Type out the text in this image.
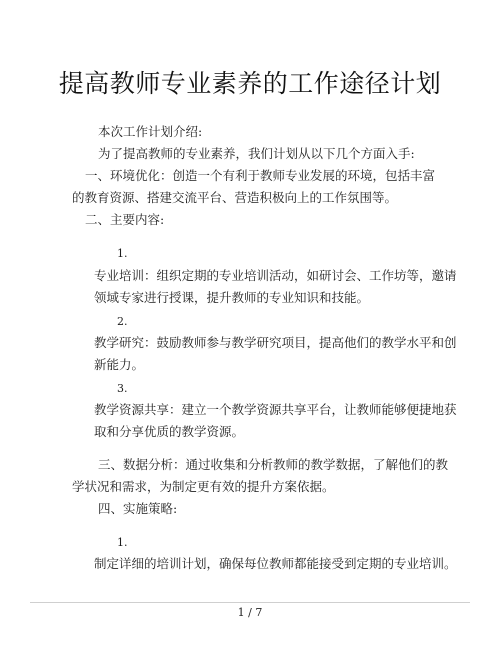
提高教师专业素养的工作途径计划
本次工作计划介绍:
为了提高教师的专业素养，我们计划从以下几个方面入手:
一、环境优化：创造一个有利于教师专业发展的环境，包括丰富
的教育资源、搭建交流平台、营造积极向上的工作氛围等。
二、主要内容:
1.
专业培训：组织定期的专业培训活动，如研讨会、工作坊等，邀请
领域专家进行授课，提升教师的专业知识和技能。
2.
教学研究：鼓励教师参与教学研究项目，提高他们的教学水平和创
新能力。
3.
教学资源共享：建立一个教学资源共享平台，让教师能够便捷地获
取和分享优质的教学资源。
三、数据分析：通过收集和分析教师的教学数据，了解他们的教
学状况和需求，为制定更有效的提升方案依据。
四、实施策略:
1.
制定详细的培训计划，确保每位教师都能接受到定期的专业培训。
1 / 7
